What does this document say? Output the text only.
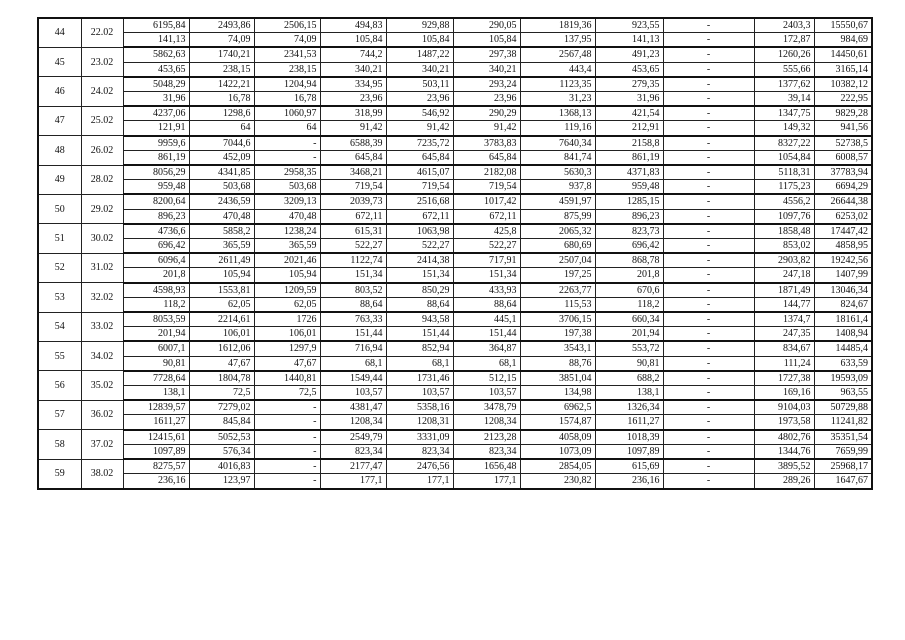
44	22.02	6195,84	2493,86	2506,15	494,83	929,88	290,05	1819,36	923,55	-	2403,3	15550,67
		141,13	74,09	74,09	105,84	105,84	105,84	137,95	141,13	-	172,87	984,69
45	23.02	5862,63	1740,21	2341,53	744,2	1487,22	297,38	2567,48	491,23	-	1260,26	14450,61
		453,65	238,15	238,15	340,21	340,21	340,21	443,4	453,65	-	555,66	3165,14
46	24.02	5048,29	1422,21	1204,94	334,95	503,11	293,24	1123,35	279,35	-	1377,62	10382,12
		31,96	16,78	16,78	23,96	23,96	23,96	31,23	31,96	-	39,14	222,95
47	25.02	4237,06	1298,6	1060,97	318,99	546,92	290,29	1368,13	421,54	-	1347,75	9829,28
		121,91	64	64	91,42	91,42	91,42	119,16	212,91	-	149,32	941,56
48	26.02	9959,6	7044,6	-	6588,39	7235,72	3783,83	7640,34	2158,8	-	8327,22	52738,5
		861,19	452,09	-	645,84	645,84	645,84	841,74	861,19	-	1054,84	6008,57
49	28.02	8056,29	4341,85	2958,35	3468,21	4615,07	2182,08	5630,3	4371,83	-	5118,31	37783,94
		959,48	503,68	503,68	719,54	719,54	719,54	937,8	959,48	-	1175,23	6694,29
50	29.02	8200,64	2436,59	3209,13	2039,73	2516,68	1017,42	4591,97	1285,15	-	4556,2	26644,38
		896,23	470,48	470,48	672,11	672,11	672,11	875,99	896,23	-	1097,76	6253,02
51	30.02	4736,6	5858,2	1238,24	615,31	1063,98	425,8	2065,32	823,73	-	1858,48	17447,42
		696,42	365,59	365,59	522,27	522,27	522,27	680,69	696,42	-	853,02	4858,95
52	31.02	6096,4	2611,49	2021,46	1122,74	2414,38	717,91	2507,04	868,78	-	2903,82	19242,56
		201,8	105,94	105,94	151,34	151,34	151,34	197,25	201,8	-	247,18	1407,99
53	32.02	4598,93	1553,81	1209,59	803,52	850,29	433,93	2263,77	670,6	-	1871,49	13046,34
		118,2	62,05	62,05	88,64	88,64	88,64	115,53	118,2	-	144,77	824,67
54	33.02	8053,59	2214,61	1726	763,33	943,58	445,1	3706,15	660,34	-	1374,7	18161,4
		201,94	106,01	106,01	151,44	151,44	151,44	197,38	201,94	-	247,35	1408,94
55	34.02	6007,1	1612,06	1297,9	716,94	852,94	364,87	3543,1	553,72	-	834,67	14485,4
		90,81	47,67	47,67	68,1	68,1	68,1	88,76	90,81	-	111,24	633,59
56	35.02	7728,64	1804,78	1440,81	1549,44	1731,46	512,15	3851,04	688,2	-	1727,38	19593,09
		138,1	72,5	72,5	103,57	103,57	103,57	134,98	138,1	-	169,16	963,55
57	36.02	12839,57	7279,02	-	4381,47	5358,16	3478,79	6962,5	1326,34	-	9104,03	50729,88
		1611,27	845,84	-	1208,34	1208,31	1208,34	1574,87	1611,27	-	1973,58	11241,82
58	37.02	12415,61	5052,53	-	2549,79	3331,09	2123,28	4058,09	1018,39	-	4802,76	35351,54
		1097,89	576,34	-	823,34	823,34	823,34	1073,09	1097,89	-	1344,76	7659,99
59	38.02	8275,57	4016,83	-	2177,47	2476,56	1656,48	2854,05	615,69	-	3895,52	25968,17
		236,16	123,97	-	177,1	177,1	177,1	230,82	236,16	-	289,26	1647,67
